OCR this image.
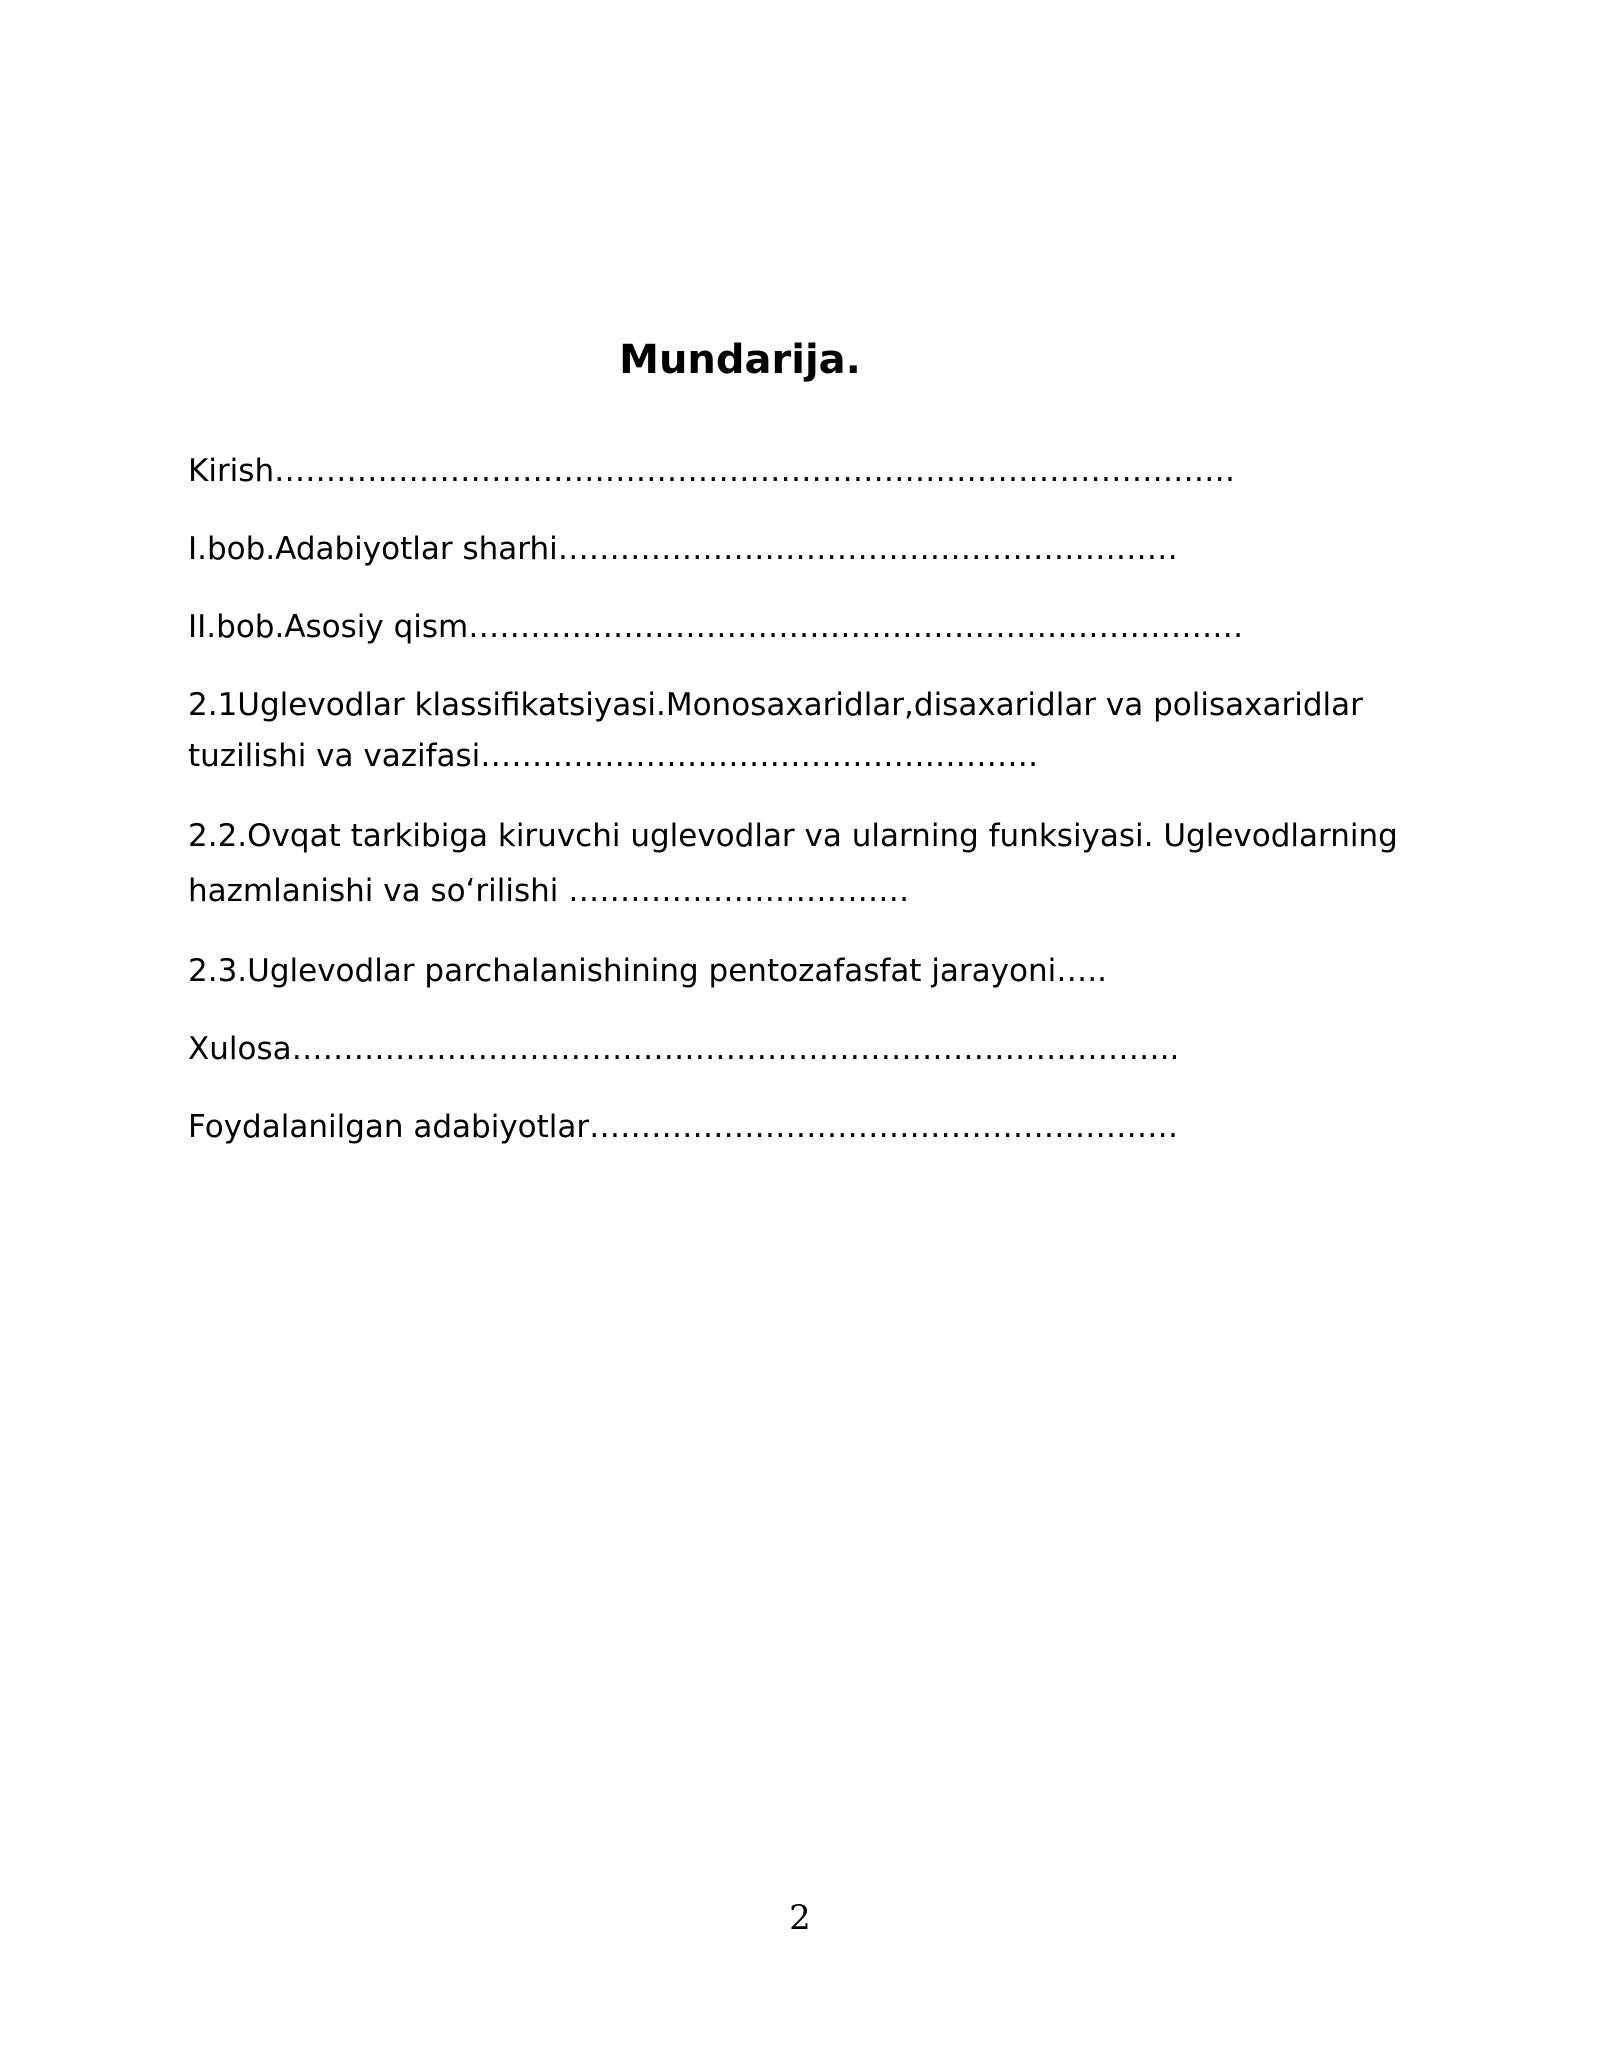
Mundarija.
Kirish…………………………………………………………………………………
I.bob.Adabiyotlar sharhi……………………………………………………
II.bob.Asosiy qism…………………………………………………………………
2.1Uglevodlar klassifikatsiyasi.Monosaxaridlar,disaxaridlar va polisaxaridlar
tuzilishi va vazifasi………………………………………………
2.2.Ovqat tarkibiga kiruvchi uglevodlar va ularning funksiyasi. Uglevodlarning
hazmlanishi va so‘rilishi ……………………………
2.3.Uglevodlar parchalanishining pentozafasfat jarayoni…..
Xulosa…………………………………………………………………………..
Foydalanilgan adabiyotlar…………………………………………………
2
